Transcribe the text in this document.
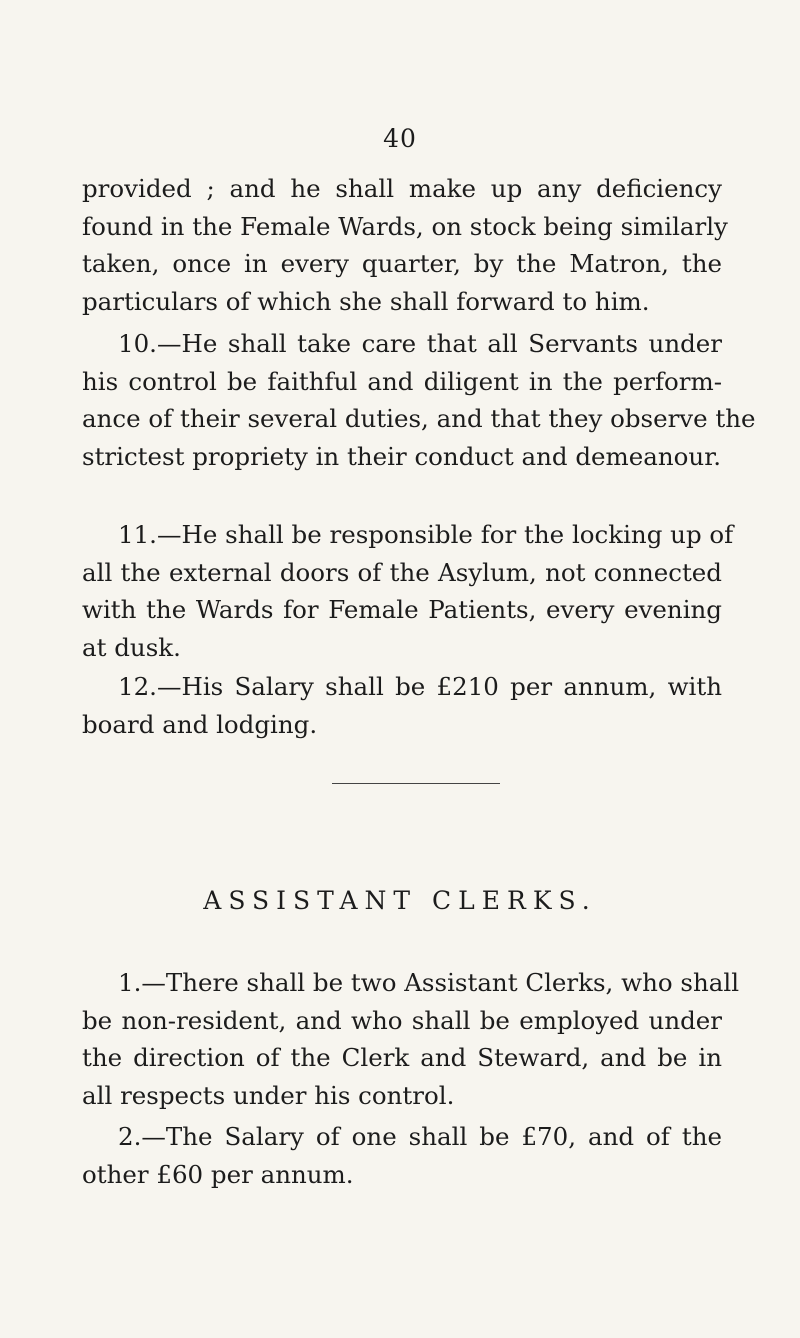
40
provided ; and he shall make up any deficiency
found in the Female Wards, on stock being similarly
taken, once in every quarter, by the Matron, the
particulars of which she shall forward to him.
10.—He shall take care that all Servants under
his control be faithful and diligent in the perform-
ance of their several duties, and that they observe the
strictest propriety in their conduct and demeanour.
11.—He shall be responsible for the locking up of
all the external doors of the Asylum, not connected
with the Wards for Female Patients, every evening
at dusk.
12.—His Salary shall be £210 per annum, with
board and lodging.
ASSISTANT CLERKS.
1.—There shall be two Assistant Clerks, who shall
be non-resident, and who shall be employed under
the direction of the Clerk and Steward, and be in
all respects under his control.
2.—The Salary of one shall be £70, and of the
other £60 per annum.
